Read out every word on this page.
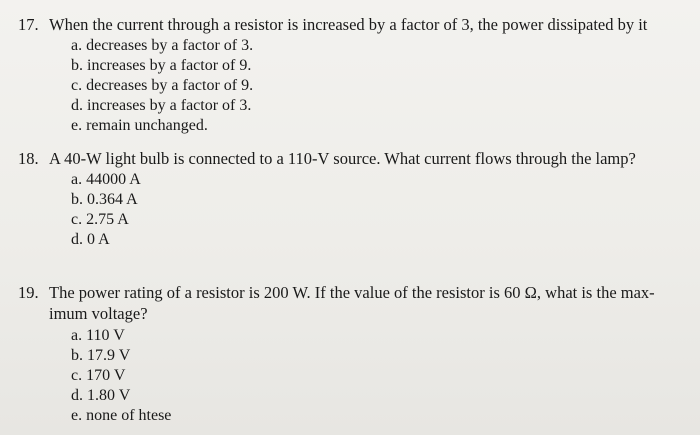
17. When the current through a resistor is increased by a factor of 3, the power dissipated by it
a. decreases by a factor of 3.
b. increases by a factor of 9.
c. decreases by a factor of 9.
d. increases by a factor of 3.
e. remain unchanged.
18. A 40-W light bulb is connected to a 110-V source. What current flows through the lamp?
a. 44000 A
b. 0.364 A
c. 2.75 A
d. 0 A
19. The power rating of a resistor is 200 W. If the value of the resistor is 60 Ω, what is the max-
imum voltage?
a. 110 V
b. 17.9 V
c. 170 V
d. 1.80 V
e. none of htese
